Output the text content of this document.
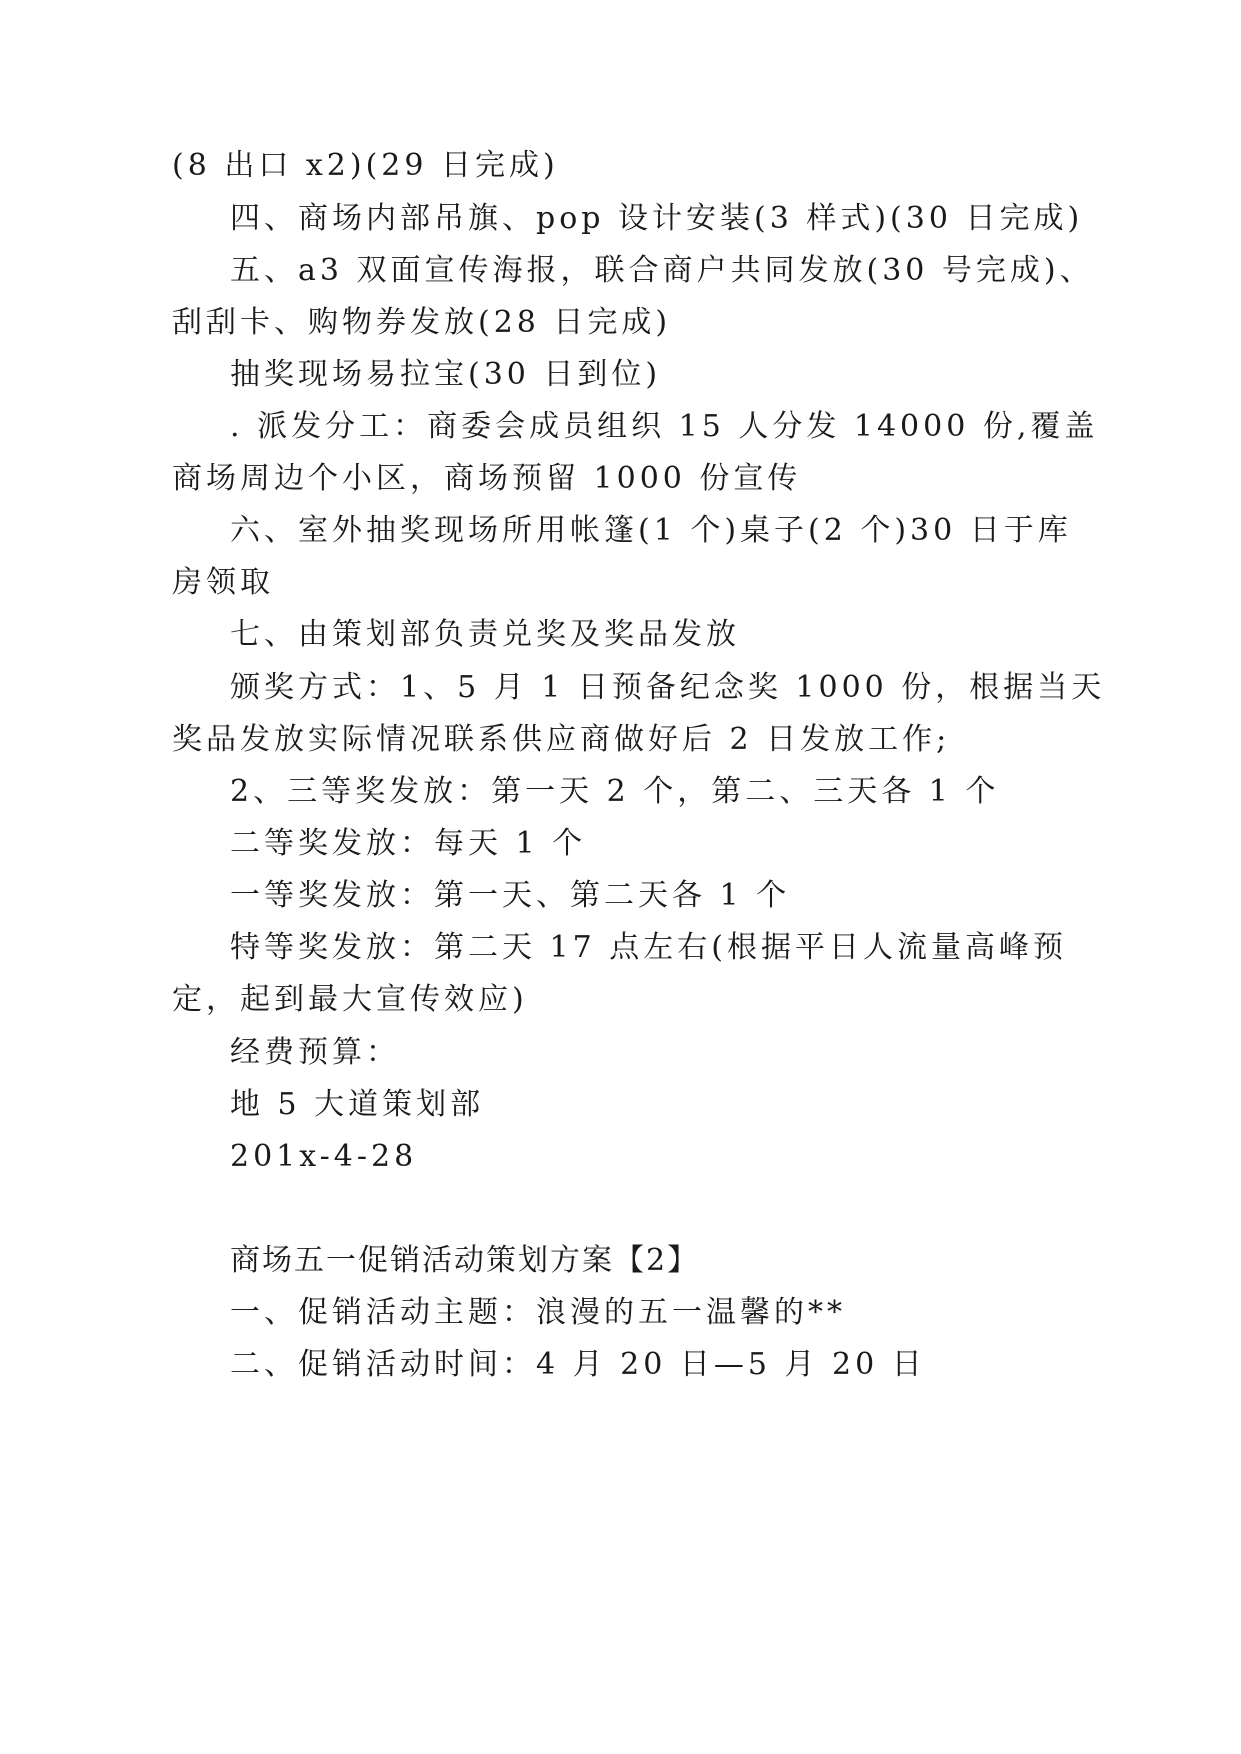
(8 出口 x2)(29 日完成)
四、商场内部吊旗、pop 设计安装(3 样式)(30 日完成)
五、a3 双面宣传海报，联合商户共同发放(30 号完成)、
刮刮卡、购物券发放(28 日完成)
抽奖现场易拉宝(30 日到位)
. 派发分工：商委会成员组织 15 人分发 14000 份,覆盖
商场周边个小区，商场预留 1000 份宣传
六、室外抽奖现场所用帐篷(1 个)桌子(2 个)30 日于库
房领取
七、由策划部负责兑奖及奖品发放
颁奖方式：1、5 月 1 日预备纪念奖 1000 份，根据当天
奖品发放实际情况联系供应商做好后 2 日发放工作;
2、三等奖发放：第一天 2 个，第二、三天各 1 个
二等奖发放：每天 1 个
一等奖发放：第一天、第二天各 1 个
特等奖发放：第二天 17 点左右(根据平日人流量高峰预
定，起到最大宣传效应)
经费预算：
地 5 大道策划部
201x-4-28
商场五一促销活动策划方案【2】
一、促销活动主题：浪漫的五一温馨的**
二、促销活动时间：4 月 20 日—5 月 20 日
